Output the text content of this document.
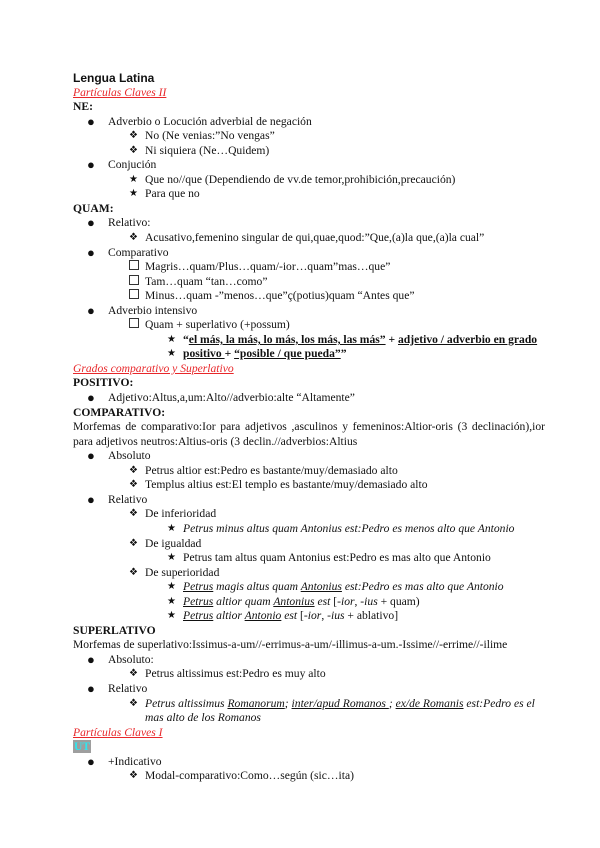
Lengua Latina
Partículas Claves II
NE:
● Adverbio o Locución adverbial de negación
❖ No (Ne venias:”No vengas”
❖ Ni siquiera (Ne…Quidem)
● Conjución
★ Que no//que (Dependiendo de vv.de temor,prohibición,precaución)
★ Para que no
QUAM:
● Relativo:
❖ Acusativo,femenino singular de qui,quae,quod:”Que,(a)la que,(a)la cual”
● Comparativo
Magris…quam/Plus…quam/-ior…quam”mas…que”
Tam…quam “tan…como”
Minus…quam -”menos…que”ç(potius)quam “Antes que”
● Adverbio intensivo
Quam + superlativo (+possum)
★ “el más, la más, lo más, los más, las más” + adjetivo / adverbio en grado
★ positivo + “posible / que pueda””
Grados comparativo y Superlativo
POSITIVO:
● Adjetivo:Altus,a,um:Alto//adverbio:alte “Altamente”
COMPARATIVO:
Morfemas de comparativo:Ior para adjetivos ,asculinos y femeninos:Altior-oris (3 declinación),ior para adjetivos neutros:Altius-oris (3 declin.//adverbios:Altius
● Absoluto
❖ Petrus altior est:Pedro es bastante/muy/demasiado alto
❖ Templus altius est:El templo es bastante/muy/demasiado alto
● Relativo
❖ De inferioridad
★ Petrus minus altus quam Antonius est:Pedro es menos alto que Antonio
❖ De igualdad
★ Petrus tam altus quam Antonius est:Pedro es mas alto que Antonio
❖ De superioridad
★ Petrus magis altus quam Antonius est:Pedro es mas alto que Antonio
★ Petrus altior quam Antonius est [-ior, -ius + quam)
★ Petrus altior Antonio est [-ior, -ius + ablativo]
SUPERLATIVO
Morfemas de superlativo:Issimus-a-um//-errimus-a-um/-illimus-a-um.-Issime//-errime//-ilime
● Absoluto:
❖ Petrus altissimus est:Pedro es muy alto
● Relativo
❖ Petrus altissimus Romanorum; inter/apud Romanos ; ex/de Romanis est:Pedro es el mas alto de los Romanos
Partículas Claves I
UT
● +Indicativo
❖ Modal-comparativo:Como…según (sic…ita)
